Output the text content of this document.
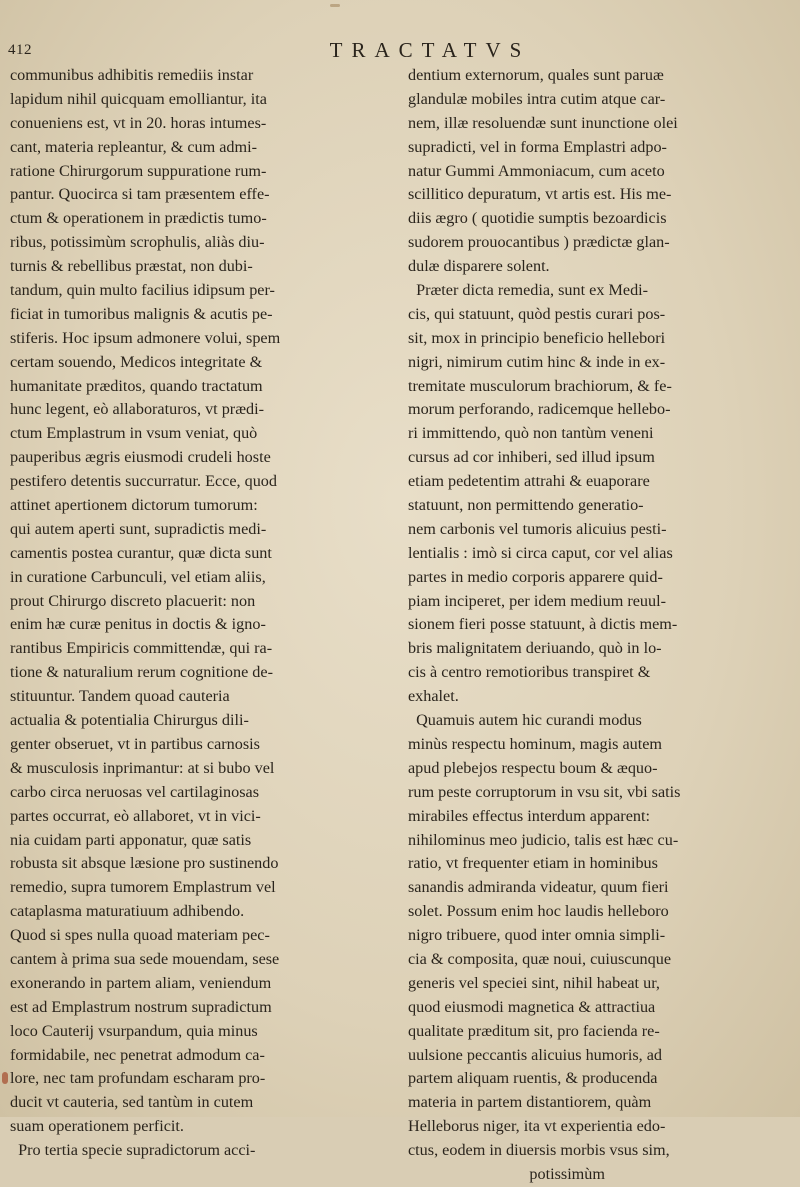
412	TRACTATVS
communibus adhibitis remediis instar
lapidum nihil quicquam emolliantur, ita
conueniens est, vt in 20. horas intumes-
cant, materia repleantur, & cum admi-
ratione Chirurgorum suppuratione rum-
pantur. Quocirca si tam præsentem effe-
ctum & operationem in prædictis tumo-
ribus, potissimùm scrophulis, aliàs diu-
turnis & rebellibus præstat, non dubi-
tandum, quin multo facilius idipsum per-
ficiat in tumoribus malignis & acutis pe-
stiferis. Hoc ipsum admonere volui, spem
certam souendo, Medicos integritate &
humanitate præditos, quando tractatum
hunc legent, eò allaboraturos, vt prædi-
ctum Emplastrum in vsum veniat, quò
pauperibus ægris eiusmodi crudeli hoste
pestifero detentis succurratur. Ecce, quod
attinet apertionem dictorum tumorum:
qui autem aperti sunt, supradictis medi-
camentis postea curantur, quæ dicta sunt
in curatione Carbunculi, vel etiam aliis,
prout Chirurgo discreto placuerit: non
enim hæ curæ penitus in doctis & igno-
rantibus Empiricis committendæ, qui ra-
tione & naturalium rerum cognitione de-
stituuntur. Tandem quoad cauteria
actualia & potentialia Chirurgus dili-
genter obseruet, vt in partibus carnosis
& musculosis inprimantur: at si bubo vel
carbo circa neruosas vel cartilaginosas
partes occurrat, eò allaboret, vt in vici-
nia cuidam parti apponatur, quæ satis
robusta sit absque læsione pro sustinendo
remedio, supra tumorem Emplastrum vel
cataplasma maturatiuum adhibendo.
Quod si spes nulla quoad materiam pec-
cantem à prima sua sede mouendam, sese
exonerando in partem aliam, veniendum
est ad Emplastrum nostrum supradictum
loco Cauterij vsurpandum, quia minus
formidabile, nec penetrat admodum ca-
lore, nec tam profundam escharam pro-
ducit vt cauteria, sed tantùm in cutem
suam operationem perficit.
Pro tertia specie supradictorum acci-
dentium externorum, quales sunt paruæ
glandulæ mobiles intra cutim atque car-
nem, illæ resoluendæ sunt inunctione olei
supradicti, vel in forma Emplastri adpo-
natur Gummi Ammoniacum, cum aceto
scillitico depuratum, vt artis est. His me-
diis ægro ( quotidie sumptis bezoardicis
sudorem prouocantibus ) prædictæ glan-
dulæ disparere solent.
Præter dicta remedia, sunt ex Medi-
cis, qui statuunt, quòd pestis curari pos-
sit, mox in principio beneficio hellebori
nigri, nimirum cutim hinc & inde in ex-
tremitate musculorum brachiorum, & fe-
morum perforando, radicemque hellebo-
ri immittendo, quò non tantùm veneni
cursus ad cor inhiberi, sed illud ipsum
etiam pedetentim attrahi & euaporare
statuunt, non permittendo generatio-
nem carbonis vel tumoris alicuius pesti-
lentialis : imò si circa caput, cor vel alias
partes in medio corporis apparere quid-
piam inciperet, per idem medium reuul-
sionem fieri posse statuunt, à dictis mem-
bris malignitatem deriuando, quò in lo-
cis à centro remotioribus transpiret &
exhalet.
Quamuis autem hic curandi modus
minùs respectu hominum, magis autem
apud plebejos respectu boum & æquo-
rum peste corruptorum in vsu sit, vbi satis
mirabiles effectus interdum apparent:
nihilominus meo judicio, talis est hæc cu-
ratio, vt frequenter etiam in hominibus
sanandis admiranda videatur, quum fieri
solet. Possum enim hoc laudis helleboro
nigro tribuere, quod inter omnia simpli-
cia & composita, quæ noui, cuiuscunque
generis vel speciei sint, nihil habeat ur,
quod eiusmodi magnetica & attractiua
qualitate præditum sit, pro facienda re-
uulsione peccantis alicuius humoris, ad
partem aliquam ruentis, & producenda
materia in partem distantiorem, quàm
Helleborus niger, ita vt experientia edo-
ctus, eodem in diuersis morbis vsus sim,
potissimùm
